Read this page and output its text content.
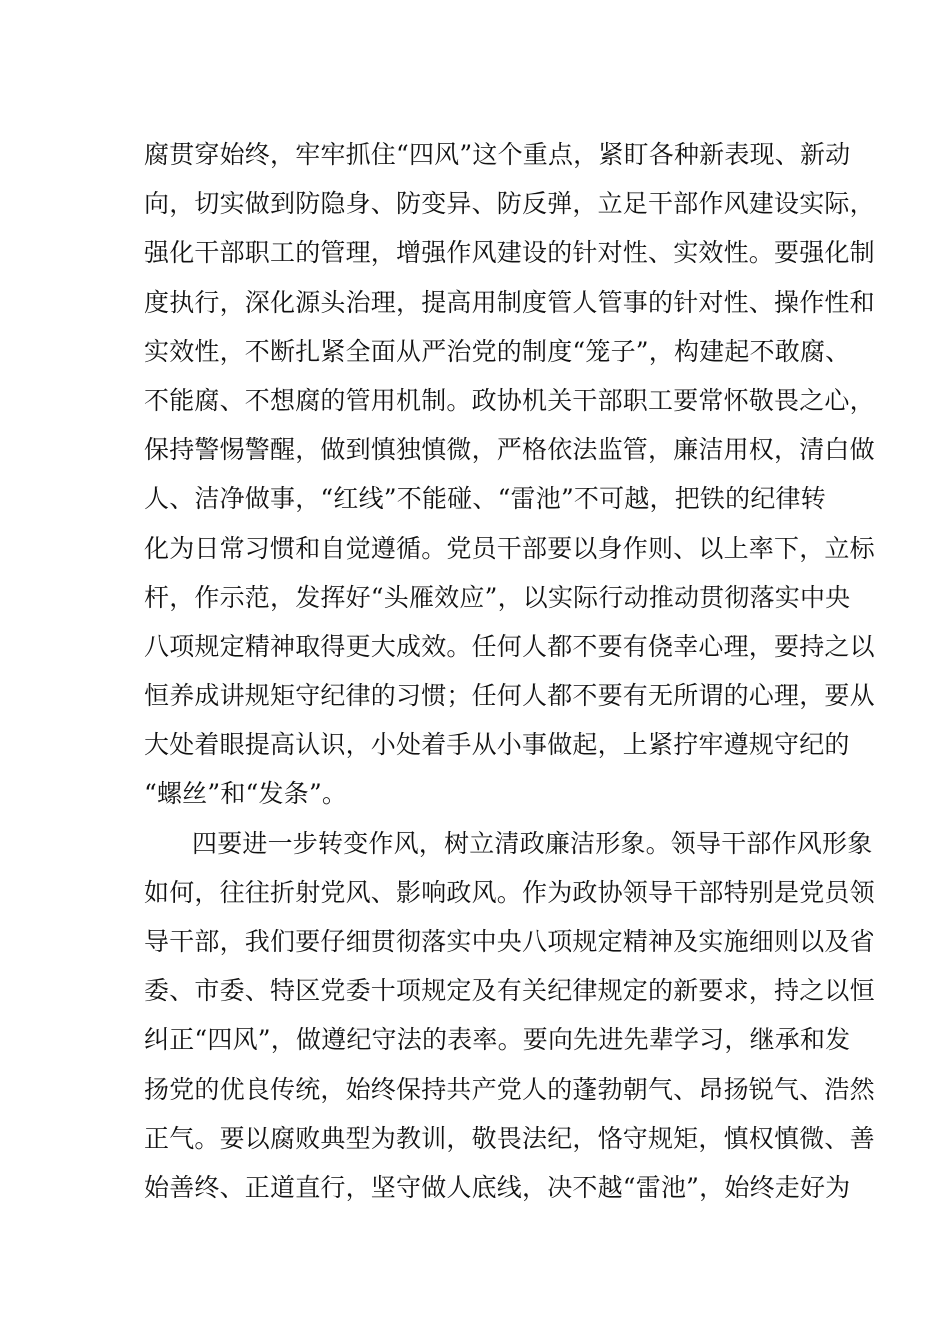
腐贯穿始终，牢牢抓住“四风”这个重点，紧盯各种新表现、新动
向，切实做到防隐身、防变异、防反弹，立足干部作风建设实际，
强化干部职工的管理，增强作风建设的针对性、实效性。要强化制
度执行，深化源头治理，提高用制度管人管事的针对性、操作性和
实效性，不断扎紧全面从严治党的制度“笼子”，构建起不敢腐、
不能腐、不想腐的管用机制。政协机关干部职工要常怀敬畏之心，
保持警惕警醒，做到慎独慎微，严格依法监管，廉洁用权，清白做
人、洁净做事，“红线”不能碰、“雷池”不可越，把铁的纪律转
化为日常习惯和自觉遵循。党员干部要以身作则、以上率下，立标
杆，作示范，发挥好“头雁效应”，以实际行动推动贯彻落实中央
八项规定精神取得更大成效。任何人都不要有侥幸心理，要持之以
恒养成讲规矩守纪律的习惯；任何人都不要有无所谓的心理，要从
大处着眼提高认识，小处着手从小事做起，上紧拧牢遵规守纪的
“螺丝”和“发条”。
四要进一步转变作风，树立清政廉洁形象。领导干部作风形象
如何，往往折射党风、影响政风。作为政协领导干部特别是党员领
导干部，我们要仔细贯彻落实中央八项规定精神及实施细则以及省
委、市委、特区党委十项规定及有关纪律规定的新要求，持之以恒
纠正“四风”，做遵纪守法的表率。要向先进先辈学习，继承和发
扬党的优良传统，始终保持共产党人的蓬勃朝气、昂扬锐气、浩然
正气。要以腐败典型为教训，敬畏法纪，恪守规矩，慎权慎微、善
始善终、正道直行，坚守做人底线，决不越“雷池”，始终走好为
